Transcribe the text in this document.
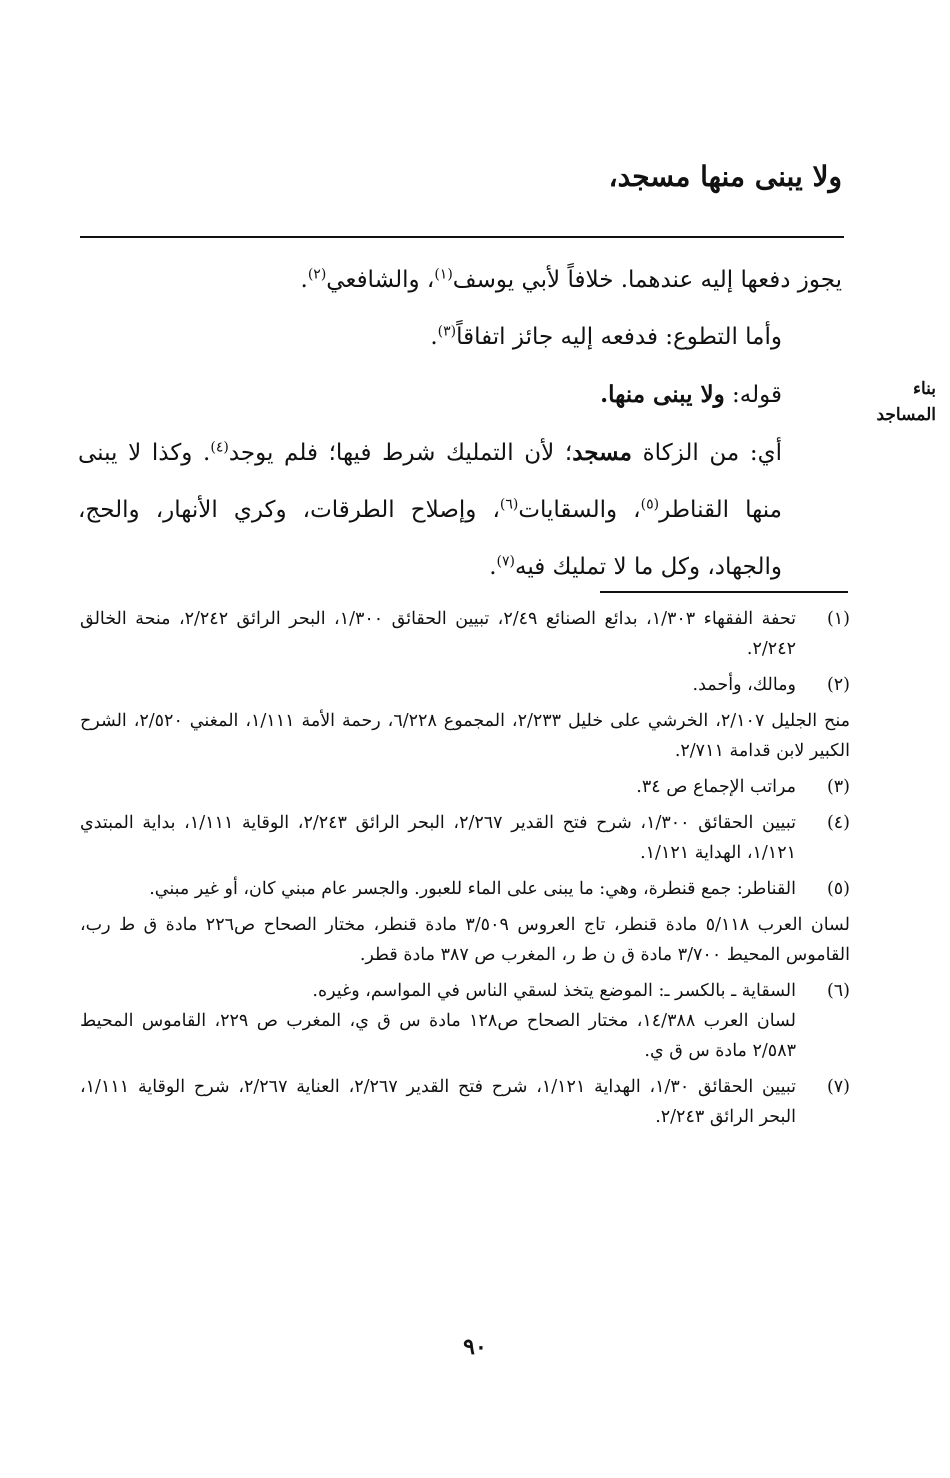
ولا يبنى منها مسجد،
بناء
المساجد

يجوز دفعها إليه عندهما. خلافاً لأبي يوسف$^{(١)}$، والشافعي$^{(٢)}$.

وأما التطوع: فدفعه إليه جائز اتفاقاً$^{(٣)}$.

قوله: ولا يبنى منها.

أي: من الزكاة مسجد؛ لأن التمليك شرط فيها؛ فلم يوجد$^{(٤)}$. وكذا لا يبنى منها القناطر$^{(٥)}$، والسقايات$^{(٦)}$، وإصلاح الطرقات، وكري الأنهار، والحج، والجهاد، وكل ما لا تمليك فيه$^{(٧)}$.

(١)
تحفة الفقهاء ١/٣٠٣، بدائع الصنائع ٢/٤٩، تبيين الحقائق ١/٣٠٠، البحر الرائق ٢/٢٤٢، منحة الخالق ٢/٢٤٢.
(٢)
ومالك، وأحمد.
منح الجليل ٢/١٠٧، الخرشي على خليل ٢/٢٣٣، المجموع ٦/٢٢٨، رحمة الأمة ١/١١١، المغني ٢/٥٢٠، الشرح الكبير لابن قدامة ٢/٧١١.
(٣)
مراتب الإجماع ص ٣٤.
(٤)
تبيين الحقائق ١/٣٠٠، شرح فتح القدير ٢/٢٦٧، البحر الرائق ٢/٢٤٣، الوقاية ١/١١١، بداية المبتدي ١/١٢١، الهداية ١/١٢١.
(٥)
القناطر: جمع قنطرة، وهي: ما يبنى على الماء للعبور. والجسر عام مبني كان، أو غير مبني.
لسان العرب ٥/١١٨ مادة قنطر، تاج العروس ٣/٥٠٩ مادة قنطر، مختار الصحاح ص٢٢٦ مادة ق ط رب، القاموس المحيط ٣/٧٠٠ مادة ق ن ط ر، المغرب ص ٣٨٧ مادة قطر.
(٦)
السقاية ـ بالكسر ـ: الموضع يتخذ لسقي الناس في المواسم، وغيره.
لسان العرب ١٤/٣٨٨، مختار الصحاح ص١٢٨ مادة س ق ي، المغرب ص ٢٢٩، القاموس المحيط ٢/٥٨٣ مادة س ق ي.
(٧)
تبيين الحقائق ١/٣٠، الهداية ١/١٢١، شرح فتح القدير ٢/٢٦٧، العناية ٢/٢٦٧، شرح الوقاية ١/١١١، البحر الرائق ٢/٢٤٣.
٩٠
